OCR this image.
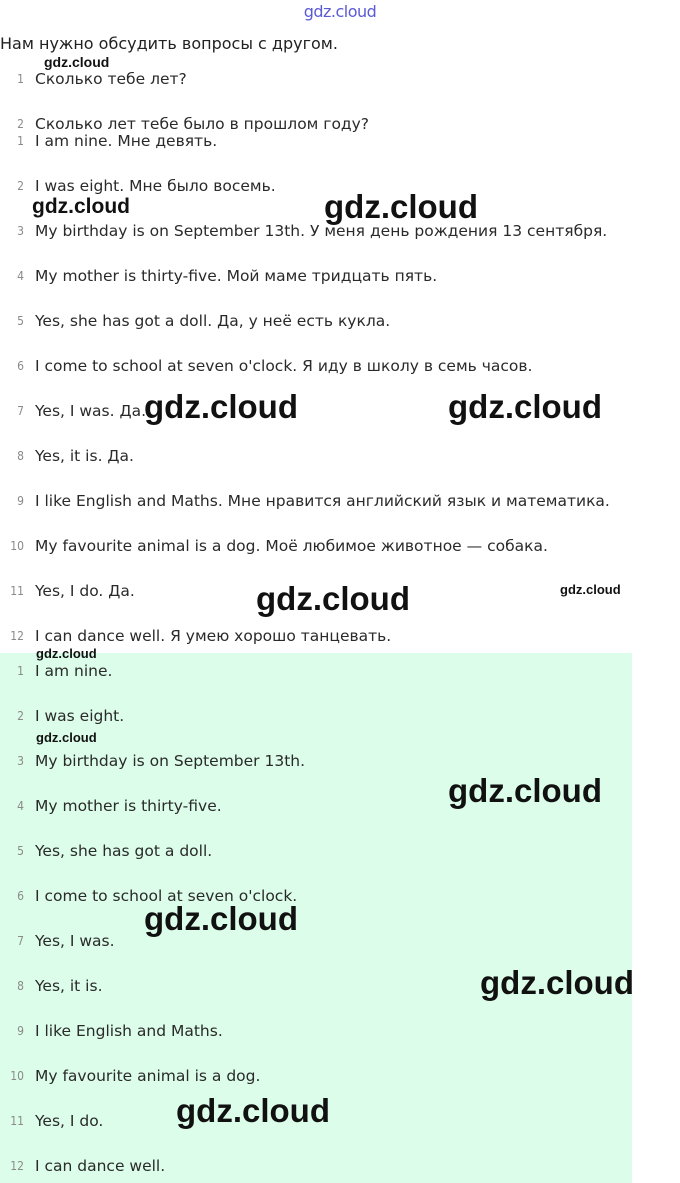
gdz.cloud
Нам нужно обсудить вопросы с другом.
1 Сколько тебе лет?
2 Сколько лет тебе было в прошлом году?
1 I am nine. Мне девять.
2 I was eight. Мне было восемь.
3 My birthday is on September 13th. У меня день рождения 13 сентября.
4 My mother is thirty-five. Мой маме тридцать пять.
5 Yes, she has got a doll. Да, у неё есть кукла.
6 I come to school at seven o'clock. Я иду в школу в семь часов.
7 Yes, I was. Да.
8 Yes, it is. Да.
9 I like English and Maths. Мне нравится английский язык и математика.
10 My favourite animal is a dog. Моё любимое животное — собака.
11 Yes, I do. Да.
12 I can dance well. Я умею хорошо танцевать.
1 I am nine.
2 I was eight.
3 My birthday is on September 13th.
4 My mother is thirty-five.
5 Yes, she has got a doll.
6 I come to school at seven o'clock.
7 Yes, I was.
8 Yes, it is.
9 I like English and Maths.
10 My favourite animal is a dog.
11 Yes, I do.
12 I can dance well.
gdz.cloud
gdz.cloud	gdz.cloud
gdz.cloud	gdz.cloud
gdz.cloud	gdz.cloud
gdz.cloud
gdz.cloud
gdz.cloud
gdz.cloud
gdz.cloud
gdz.cloud
